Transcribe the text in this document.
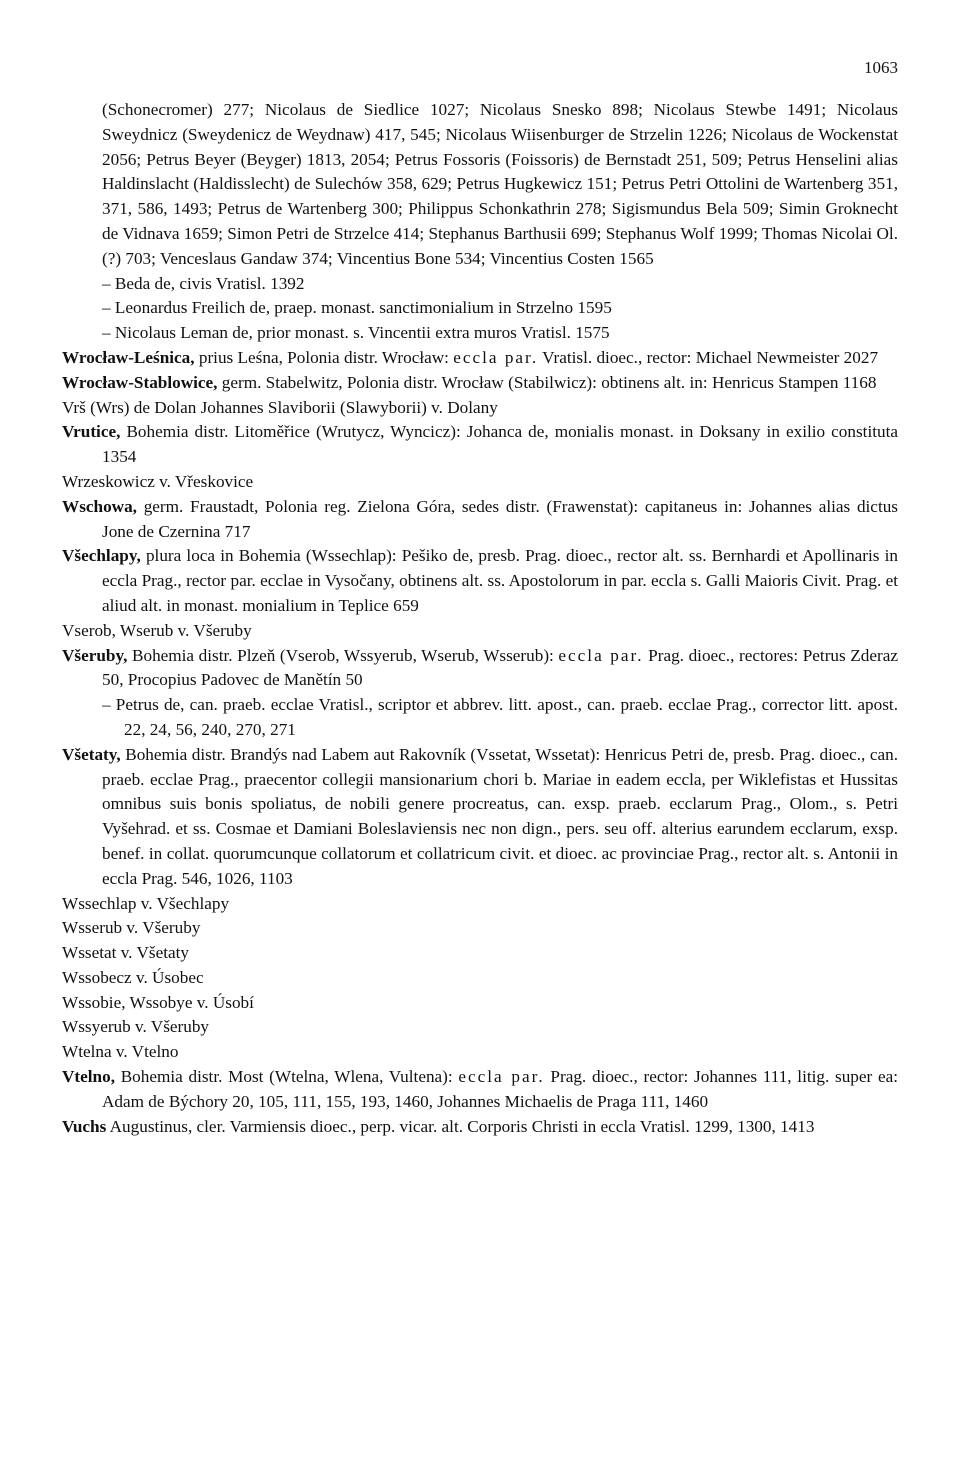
1063

(Schonecromer) 277; Nicolaus de Siedlice 1027; Nicolaus Snesko 898; Nicolaus Stewbe 1491; Nicolaus Sweydnicz (Sweydenicz de Weydnaw) 417, 545; Nicolaus Wiisenburger de Strzelin 1226; Nicolaus de Wockenstat 2056; Petrus Beyer (Beyger) 1813, 2054; Petrus Fossoris (Foissoris) de Bernstadt 251, 509; Petrus Henselini alias Haldinslacht (Haldisslecht) de Sulechów 358, 629; Petrus Hugkewicz 151; Petrus Petri Ottolini de Wartenberg 351, 371, 586, 1493; Petrus de Wartenberg 300; Philippus Schonkathrin 278; Sigismundus Bela 509; Simin Groknecht de Vidnava 1659; Simon Petri de Strzelce 414; Stephanus Barthusii 699; Stephanus Wolf 1999; Thomas Nicolai Ol. (?) 703; Venceslaus Gandaw 374; Vincentius Bone 534; Vincentius Costen 1565

– Beda de, civis Vratisl. 1392

– Leonardus Freilich de, praep. monast. sanctimonialium in Strzelno 1595

– Nicolaus Leman de, prior monast. s. Vincentii extra muros Vratisl. 1575

Wrocław-Leśnica, prius Leśna, Polonia distr. Wrocław: eccla par. Vratisl. dioec., rector: Michael Newmeister 2027

Wrocław-Stablowice, germ. Stabelwitz, Polonia distr. Wrocław (Stabilwicz): obtinens alt. in: Henricus Stampen 1168

Vrš (Wrs) de Dolan Johannes Slaviborii (Slawyborii) v. Dolany

Vrutice, Bohemia distr. Litoměřice (Wrutycz, Wyncicz): Johanca de, monialis monast. in Doksany in exilio constituta 1354

Wrzeskowicz v. Vřeskovice

Wschowa, germ. Fraustadt, Polonia reg. Zielona Góra, sedes distr. (Frawenstat): capitaneus in: Johannes alias dictus Jone de Czernina 717

Všechlapy, plura loca in Bohemia (Wssechlap): Pešiko de, presb. Prag. dioec., rector alt. ss. Bernhardi et Apollinaris in eccla Prag., rector par. ecclae in Vysočany, obtinens alt. ss. Apostolorum in par. eccla s. Galli Maioris Civit. Prag. et aliud alt. in monast. monialium in Teplice 659

Vserob, Wserub v. Všeruby

Všeruby, Bohemia distr. Plzeň (Vserob, Wssyerub, Wserub, Wsserub): eccla par. Prag. dioec., rectores: Petrus Zderaz 50, Procopius Padovec de Manětín 50

– Petrus de, can. praeb. ecclae Vratisl., scriptor et abbrev. litt. apost., can. praeb. ecclae Prag., corrector litt. apost. 22, 24, 56, 240, 270, 271

Všetaty, Bohemia distr. Brandýs nad Labem aut Rakovník (Vssetat, Wssetat): Henricus Petri de, presb. Prag. dioec., can. praeb. ecclae Prag., praecentor collegii mansionarium chori b. Mariae in eadem eccla, per Wiklefistas et Hussitas omnibus suis bonis spoliatus, de nobili genere procreatus, can. exsp. praeb. ecclarum Prag., Olom., s. Petri Vyšehrad. et ss. Cosmae et Damiani Boleslaviensis nec non dign., pers. seu off. alterius earundem ecclarum, exsp. benef. in collat. quorumcunque collatorum et collatricum civit. et dioec. ac provinciae Prag., rector alt. s. Antonii in eccla Prag. 546, 1026, 1103

Wssechlap v. Všechlapy

Wsserub v. Všeruby

Wssetat v. Všetaty

Wssobecz v. Úsobec

Wssobie, Wssobye v. Úsobí

Wssyerub v. Všeruby

Wtelna v. Vtelno

Vtelno, Bohemia distr. Most (Wtelna, Wlena, Vultena): eccla par. Prag. dioec., rector: Johannes 111, litig. super ea: Adam de Býchory 20, 105, 111, 155, 193, 1460, Johannes Michaelis de Praga 111, 1460

Vuchs Augustinus, cler. Varmiensis dioec., perp. vicar. alt. Corporis Christi in eccla Vratisl. 1299, 1300, 1413
